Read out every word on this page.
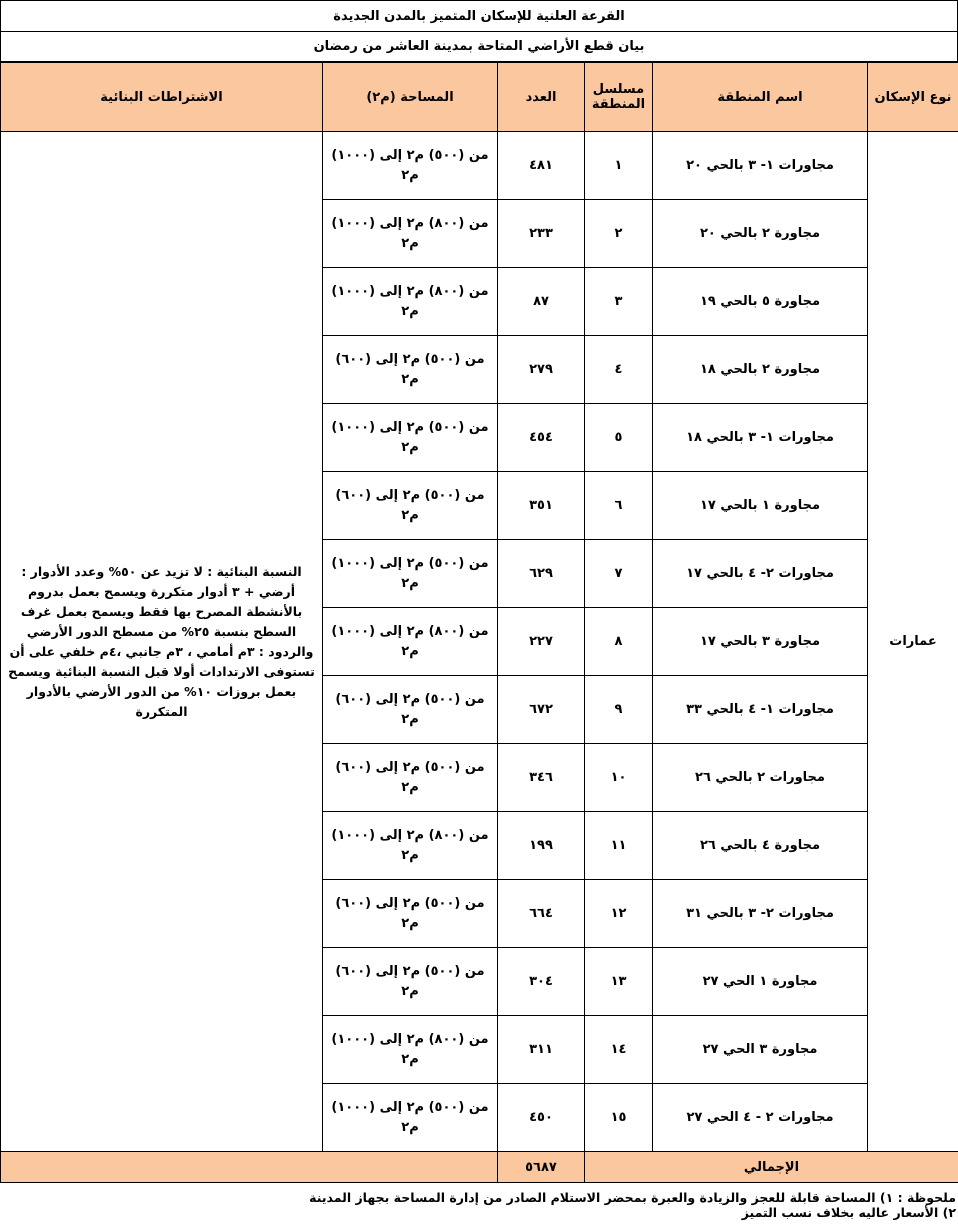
القرعة العلنية للإسكان المتميز بالمدن الجديدة
بيان قطع الأراضي المتاحة بمدينة العاشر من رمضان
نوع الإسكان	اسم المنطقة	مسلسل المنطقة	العدد	المساحة (م٢)	الاشتراطات البنائية
عمارات	مجاورات ١- ٣ بالحي ٢٠	١	٤٨١	من (٥٠٠) م٢ إلى (١٠٠٠) م٢	النسبة البنائية : لا تزيد عن ٥٠% وعدد الأدوار : أرضي + ٣ أدوار متكررة ويسمح بعمل بدروم بالأنشطة المصرح بها فقط ويسمح بعمل غرف السطح بنسبة ٢٥% من مسطح الدور الأرضي والردود : ٣م أمامي ، ٣م جانبي ،٤م خلفي على أن تستوفى الارتدادات أولا قبل النسبة البنائية ويسمح بعمل بروزات ١٠% من الدور الأرضي بالأدوار المتكررة
	مجاورة ٢ بالحي ٢٠	٢	٢٣٣	من (٨٠٠) م٢ إلى (١٠٠٠) م٢	
	مجاورة ٥ بالحي ١٩	٣	٨٧	من (٨٠٠) م٢ إلى (١٠٠٠) م٢	
	مجاورة ٢ بالحي ١٨	٤	٢٧٩	من (٥٠٠) م٢ إلى (٦٠٠) م٢	
	مجاورات ١- ٣ بالحي ١٨	٥	٤٥٤	من (٥٠٠) م٢ إلى (١٠٠٠) م٢	
	مجاورة ١ بالحي ١٧	٦	٣٥١	من (٥٠٠) م٢ إلى (٦٠٠) م٢	
	مجاورات ٢- ٤ بالحي ١٧	٧	٦٢٩	من (٥٠٠) م٢ إلى (١٠٠٠) م٢	
	مجاورة ٣ بالحي ١٧	٨	٢٢٧	من (٨٠٠) م٢ إلى (١٠٠٠) م٢	
	مجاورات ١- ٤ بالحي ٣٣	٩	٦٧٢	من (٥٠٠) م٢ إلى (٦٠٠) م٢	
	مجاورات ٢ بالحي ٢٦	١٠	٣٤٦	من (٥٠٠) م٢ إلى (٦٠٠) م٢	
	مجاورة ٤ بالحي ٢٦	١١	١٩٩	من (٨٠٠) م٢ إلى (١٠٠٠) م٢	
	مجاورات ٢- ٣ بالحي ٣١	١٢	٦٦٤	من (٥٠٠) م٢ إلى (٦٠٠) م٢	
	مجاورة ١ الحي ٢٧	١٣	٣٠٤	من (٥٠٠) م٢ إلى (٦٠٠) م٢	
	مجاورة ٣ الحي ٢٧	١٤	٣١١	من (٨٠٠) م٢ إلى (١٠٠٠) م٢	
	مجاورات ٢ - ٤ الحي ٢٧	١٥	٤٥٠	من (٥٠٠) م٢ إلى (١٠٠٠) م٢	
الإجمالي			٥٦٨٧		
ملحوظة : ١) المساحة قابلة للعجز والزيادة والعبرة بمحضر الاستلام الصادر من إدارة المساحة بجهاز المدينة
٢) الأسعار عاليه بخلاف نسب التميز
